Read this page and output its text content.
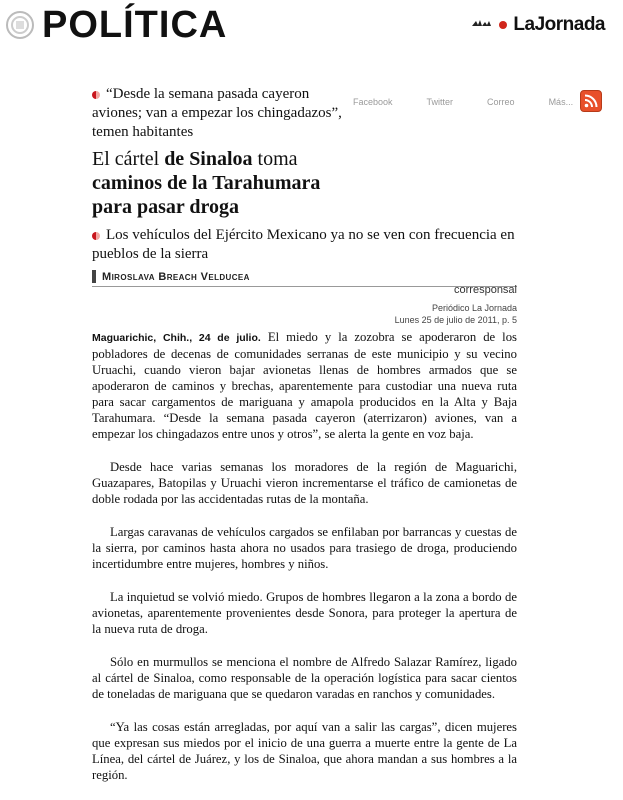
POLÍTICA	LaJornada
“Desde la semana pasada cayeron aviones; van a empezar los chingadazos”, temen habitantes
Facebook	Twitter	Correo	Más...
El cártel de Sinaloa toma caminos de la Tarahumara para pasar droga
Los vehículos del Ejército Mexicano ya no se ven con frecuencia en pueblos de la sierra
Miroslava Breach Velducea
corresponsal
Periódico La Jornada
Lunes 25 de julio de 2011, p. 5

Maguarichic, Chih., 24 de julio. El miedo y la zozobra se apoderaron de los pobladores de decenas de comunidades serranas de este municipio y su vecino Uruachi, cuando vieron bajar avionetas llenas de hombres armados que se apoderaron de caminos y brechas, aparentemente para custodiar una nueva ruta para sacar cargamentos de mariguana y amapola producidos en la Alta y Baja Tarahumara. “Desde la semana pasada cayeron (aterrizaron) aviones, van a empezar los chingadazos entre unos y otros”, se alerta la gente en voz baja.

Desde hace varias semanas los moradores de la región de Maguarichi, Guazapares, Batopilas y Uruachi vieron incrementarse el tráfico de camionetas de doble rodada por las accidentadas rutas de la montaña.

Largas caravanas de vehículos cargados se enfilaban por barrancas y cuestas de la sierra, por caminos hasta ahora no usados para trasiego de droga, produciendo incertidumbre entre mujeres, hombres y niños.

La inquietud se volvió miedo. Grupos de hombres llegaron a la zona a bordo de avionetas, aparentemente provenientes desde Sonora, para proteger la apertura de la nueva ruta de droga.

Sólo en murmullos se menciona el nombre de Alfredo Salazar Ramírez, ligado al cártel de Sinaloa, como responsable de la operación logística para sacar cientos de toneladas de mariguana que se quedaron varadas en ranchos y comunidades.

“Ya las cosas están arregladas, por aquí van a salir las cargas”, dicen mujeres que expresan sus miedos por el inicio de una guerra a muerte entre la gente de La Línea, del cártel de Juárez, y los de Sinaloa, que ahora mandan a sus hombres a la región.
